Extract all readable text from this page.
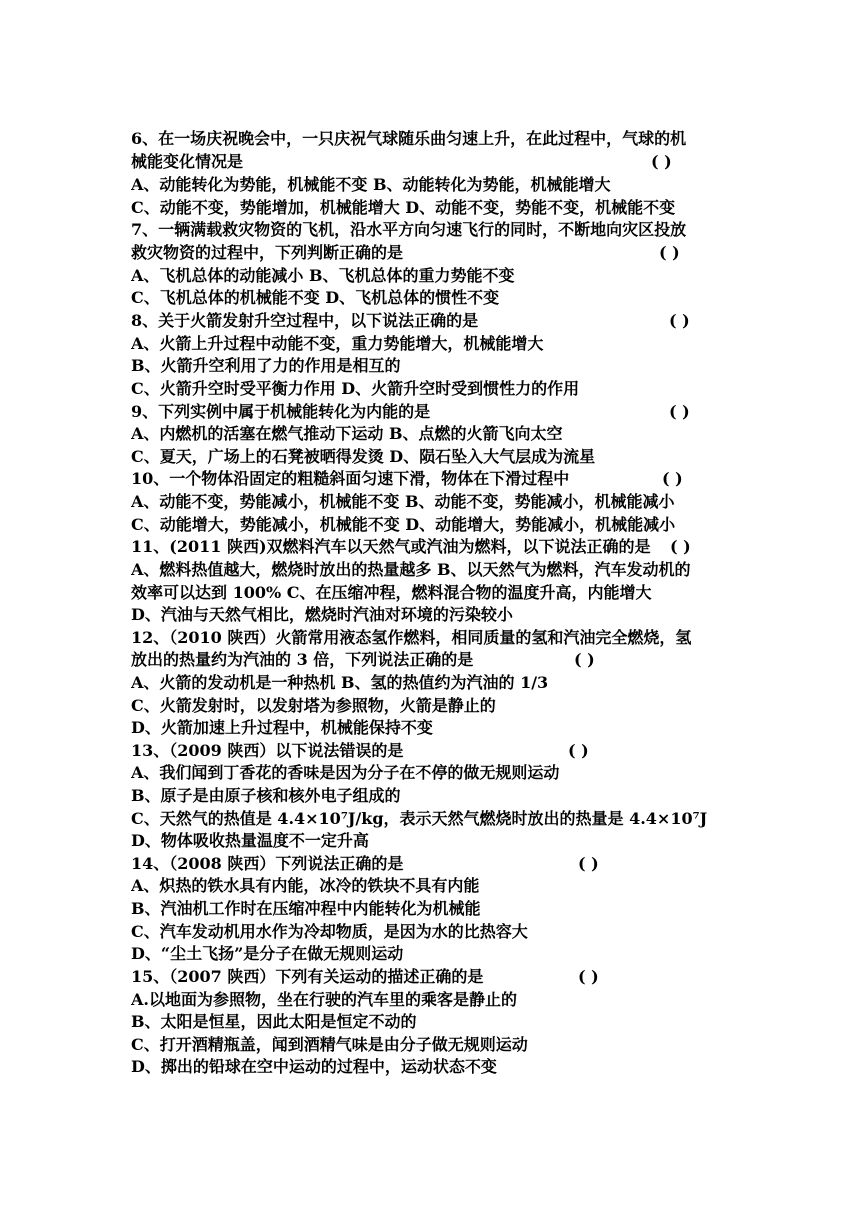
6、在一场庆祝晚会中，一只庆祝气球随乐曲匀速上升，在此过程中，气球的机
械能变化情况是	( )
A、动能转化为势能，机械能不变 B、动能转化为势能，机械能增大
C、动能不变，势能增加，机械能增大 D、动能不变，势能不变，机械能不变
7、一辆满载救灾物资的飞机，沿水平方向匀速飞行的同时，不断地向灾区投放
救灾物资的过程中，下列判断正确的是	( )
A、飞机总体的动能减小 B、飞机总体的重力势能不变
C、飞机总体的机械能不变 D、飞机总体的惯性不变
8、关于火箭发射升空过程中，以下说法正确的是	( )
A、火箭上升过程中动能不变，重力势能增大，机械能增大
B、火箭升空利用了力的作用是相互的
C、火箭升空时受平衡力作用 D、火箭升空时受到惯性力的作用
9、下列实例中属于机械能转化为内能的是	( )
A、内燃机的活塞在燃气推动下运动 B、点燃的火箭飞向太空
C、夏天，广场上的石凳被晒得发烫 D、陨石坠入大气层成为流星
10、一个物体沿固定的粗糙斜面匀速下滑，物体在下滑过程中	( )
A、动能不变，势能减小，机械能不变 B、动能不变，势能减小，机械能减小
C、动能增大，势能减小，机械能不变 D、动能增大，势能减小，机械能减小
11、(2011 陕西)双燃料汽车以天然气或汽油为燃料，以下说法正确的是	( )
A、燃料热值越大，燃烧时放出的热量越多 B、以天然气为燃料，汽车发动机的
效率可以达到 100% C、在压缩冲程，燃料混合物的温度升高，内能增大
D、汽油与天然气相比，燃烧时汽油对环境的污染较小
12、（2010 陕西）火箭常用液态氢作燃料，相同质量的氢和汽油完全燃烧，氢
放出的热量约为汽油的 3 倍，下列说法正确的是	( )
A、火箭的发动机是一种热机 B、氢的热值约为汽油的 1/3
C、火箭发射时，以发射塔为参照物，火箭是静止的
D、火箭加速上升过程中，机械能保持不变
13、（2009 陕西）以下说法错误的是	( )
A、我们闻到丁香花的香味是因为分子在不停的做无规则运动
B、原子是由原子核和核外电子组成的
C、天然气的热值是 4.4×10⁷J/kg，表示天然气燃烧时放出的热量是 4.4×10⁷J
D、物体吸收热量温度不一定升高
14、（2008 陕西）下列说法正确的是	( )
A、炽热的铁水具有内能，冰冷的铁块不具有内能
B、汽油机工作时在压缩冲程中内能转化为机械能
C、汽车发动机用水作为冷却物质，是因为水的比热容大
D、“尘土飞扬”是分子在做无规则运动
15、（2007 陕西）下列有关运动的描述正确的是	( )
A.以地面为参照物，坐在行驶的汽车里的乘客是静止的
B、太阳是恒星，因此太阳是恒定不动的
C、打开酒精瓶盖，闻到酒精气味是由分子做无规则运动
D、掷出的铅球在空中运动的过程中，运动状态不变
